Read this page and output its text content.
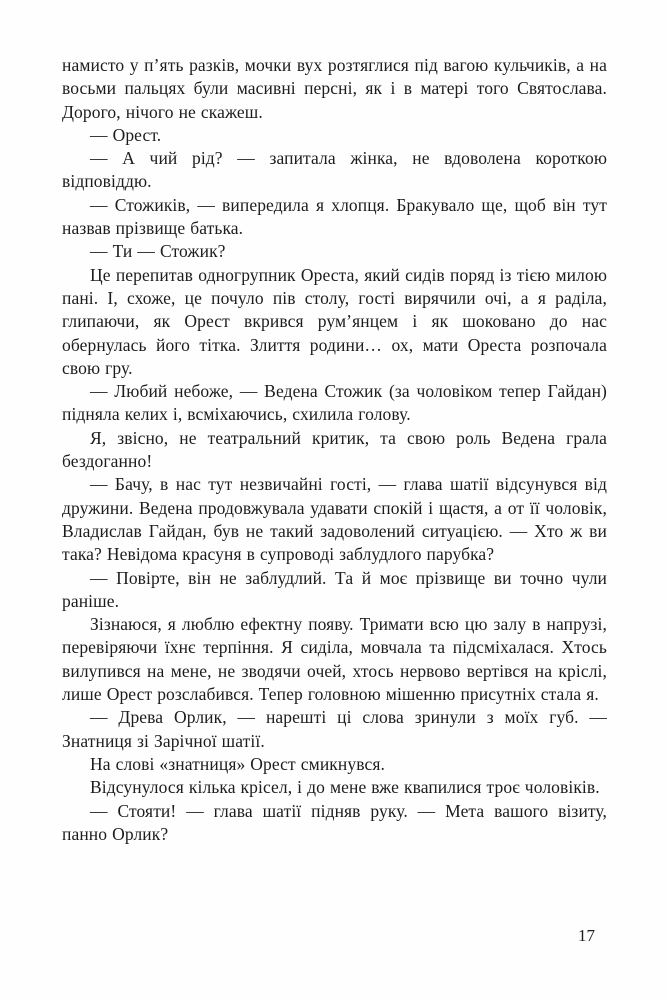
намисто у п’ять разків, мочки вух розтяглися під вагою кульчиків, а на восьми пальцях були масивні персні, як і в матері того Святослава. Дорого, нічого не скажеш.

— Орест.

— А чий рід? — запитала жінка, не вдоволена короткою відповіддю.

— Стожиків, — випередила я хлопця. Бракувало ще, щоб він тут назвав прізвище батька.

— Ти — Стожик?

Це перепитав одногрупник Ореста, який сидів поряд із тією милою пані. І, схоже, це почуло пів столу, гості вирячили очі, а я раділа, глипаючи, як Орест вкрився рум’янцем і як шоковано до нас обернулась його тітка. Злиття родини… ох, мати Ореста розпочала свою гру.

— Любий небоже, — Ведена Стожик (за чоловіком тепер Гайдан) підняла келих і, всміхаючись, схилила голову.

Я, звісно, не театральний критик, та свою роль Ведена грала бездоганно!

— Бачу, в нас тут незвичайні гості, — глава шатії відсунувся від дружини. Ведена продовжувала удавати спокій і щастя, а от її чоловік, Владислав Гайдан, був не такий задоволений ситуацією. — Хто ж ви така? Невідома красуня в супроводі заблудлого парубка?

— Повірте, він не заблудлий. Та й моє прізвище ви точно чули раніше.

Зізнаюся, я люблю ефектну появу. Тримати всю цю залу в напрузі, перевіряючи їхнє терпіння. Я сиділа, мовчала та підсміхалася. Хтось вилупився на мене, не зводячи очей, хтось нервово вертівся на кріслі, лише Орест розслабився. Тепер головною мішенню присутніх стала я.

— Древа Орлик, — нарешті ці слова зринули з моїх губ. — Знатниця зі Зарічної шатії.

На слові «знатниця» Орест смикнувся.

Відсунулося кілька крісел, і до мене вже квапилися троє чоловіків.

— Стояти! — глава шатії підняв руку. — Мета вашого візиту, панно Орлик?

17
